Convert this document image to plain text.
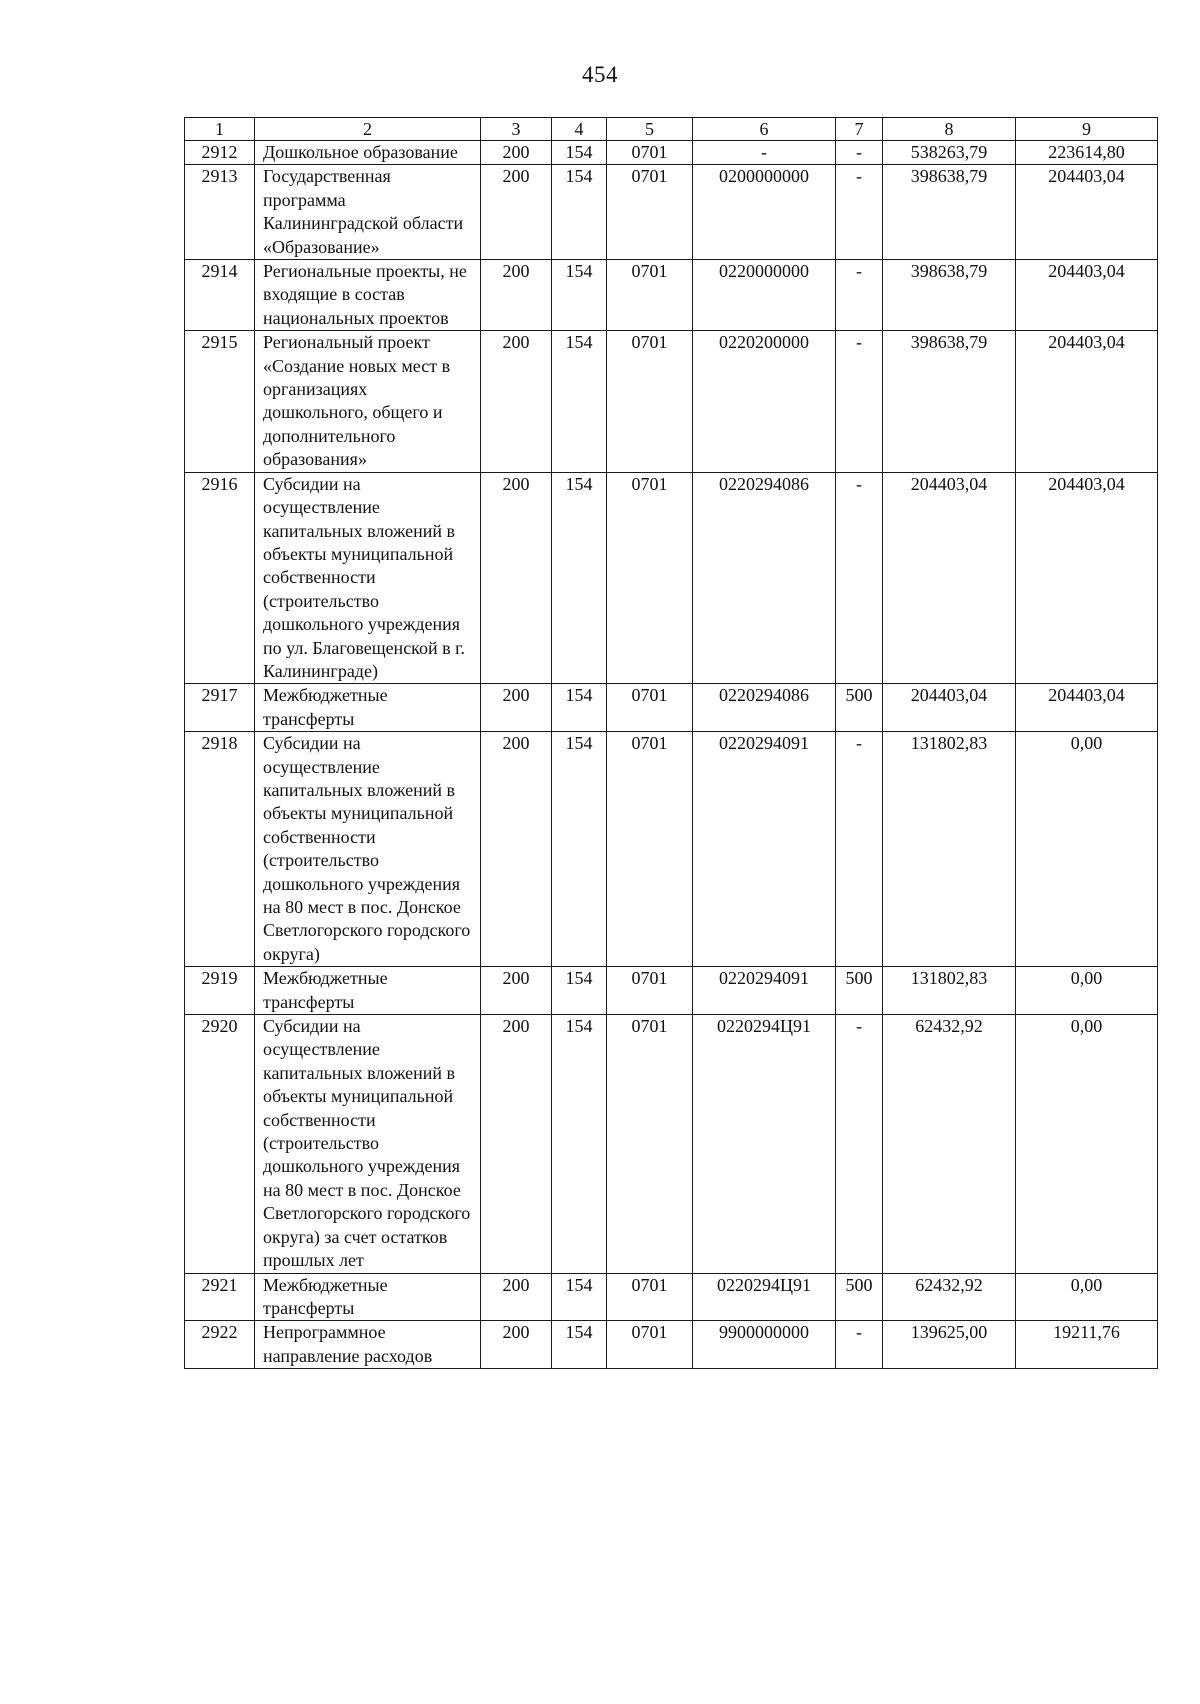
454
1	2	3	4	5	6	7	8	9
2912	Дошкольное образование	200	154	0701	-	-	538263,79	223614,80
2913	Государственная программа Калининградской области «Образование»	200	154	0701	0200000000	-	398638,79	204403,04
2914	Региональные проекты, не входящие в состав национальных проектов	200	154	0701	0220000000	-	398638,79	204403,04
2915	Региональный проект «Создание новых мест в организациях дошкольного, общего и дополнительного образования»	200	154	0701	0220200000	-	398638,79	204403,04
2916	Субсидии на осуществление капитальных вложений в объекты муниципальной собственности (строительство дошкольного учреждения по ул. Благовещенской в г. Калининграде)	200	154	0701	0220294086	-	204403,04	204403,04
2917	Межбюджетные трансферты	200	154	0701	0220294086	500	204403,04	204403,04
2918	Субсидии на осуществление капитальных вложений в объекты муниципальной собственности (строительство дошкольного учреждения на 80 мест в пос. Донское Светлогорского городского округа)	200	154	0701	0220294091	-	131802,83	0,00
2919	Межбюджетные трансферты	200	154	0701	0220294091	500	131802,83	0,00
2920	Субсидии на осуществление капитальных вложений в объекты муниципальной собственности (строительство дошкольного учреждения на 80 мест в пос. Донское Светлогорского городского округа) за счет остатков прошлых лет	200	154	0701	0220294Ц91	-	62432,92	0,00
2921	Межбюджетные трансферты	200	154	0701	0220294Ц91	500	62432,92	0,00
2922	Непрограммное направление расходов	200	154	0701	9900000000	-	139625,00	19211,76
